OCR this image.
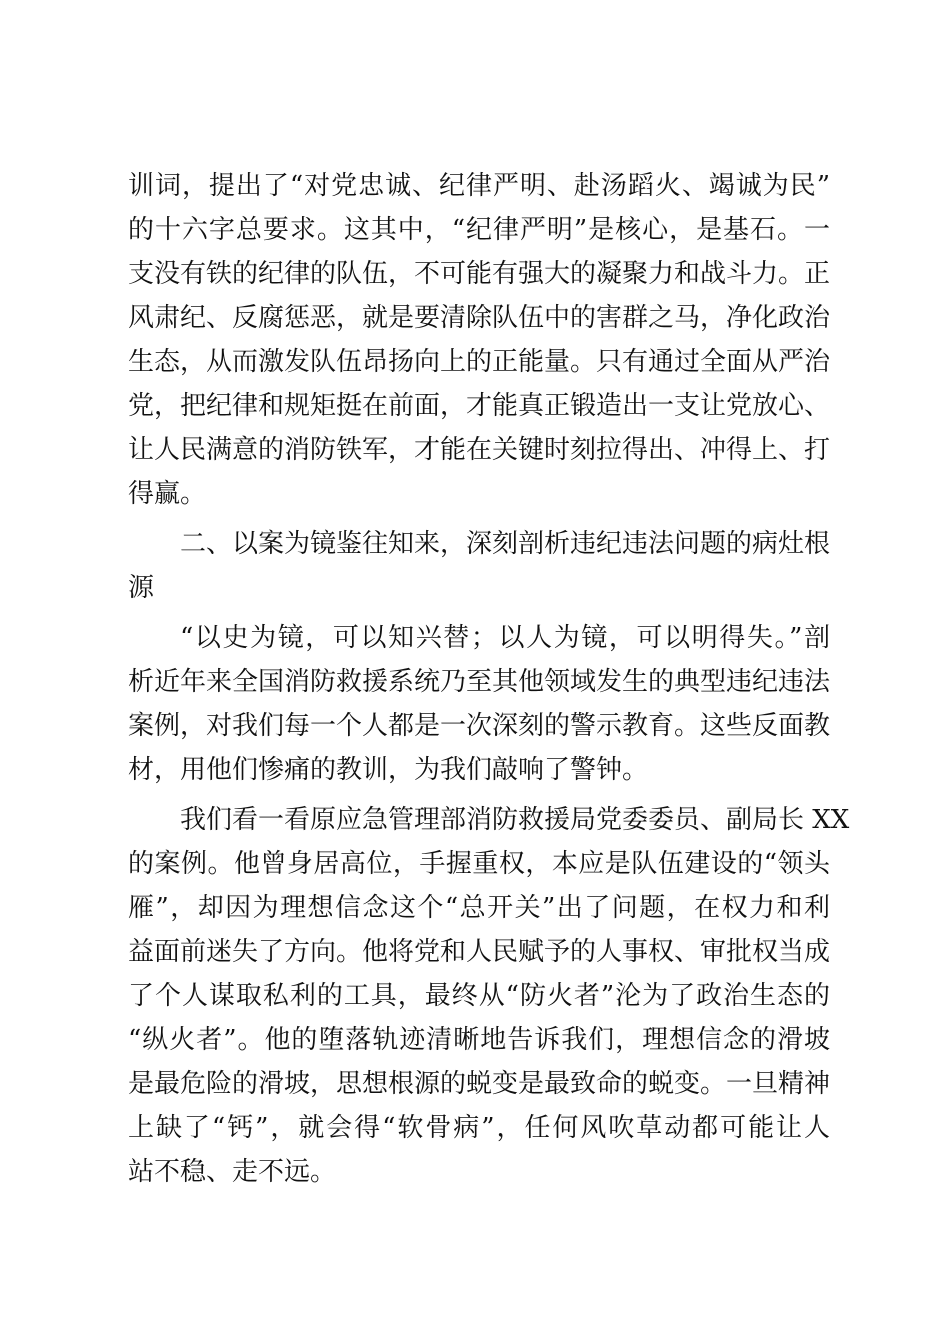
训词，提出了“对党忠诚、纪律严明、赴汤蹈火、竭诚为民”
的十六字总要求。这其中，“纪律严明”是核心，是基石。一
支没有铁的纪律的队伍，不可能有强大的凝聚力和战斗力。正
风肃纪、反腐惩恶，就是要清除队伍中的害群之马，净化政治
生态，从而激发队伍昂扬向上的正能量。只有通过全面从严治
党，把纪律和规矩挺在前面，才能真正锻造出一支让党放心、
让人民满意的消防铁军，才能在关键时刻拉得出、冲得上、打
得赢。
二、以案为镜鉴往知来，深刻剖析违纪违法问题的病灶根
源
“以史为镜，可以知兴替；以人为镜，可以明得失。”剖
析近年来全国消防救援系统乃至其他领域发生的典型违纪违法
案例，对我们每一个人都是一次深刻的警示教育。这些反面教
材，用他们惨痛的教训，为我们敲响了警钟。
我们看一看原应急管理部消防救援局党委委员、副局长 XX
的案例。他曾身居高位，手握重权，本应是队伍建设的“领头
雁”，却因为理想信念这个“总开关”出了问题，在权力和利
益面前迷失了方向。他将党和人民赋予的人事权、审批权当成
了个人谋取私利的工具，最终从“防火者”沦为了政治生态的
“纵火者”。他的堕落轨迹清晰地告诉我们，理想信念的滑坡
是最危险的滑坡，思想根源的蜕变是最致命的蜕变。一旦精神
上缺了“钙”，就会得“软骨病”，任何风吹草动都可能让人
站不稳、走不远。
